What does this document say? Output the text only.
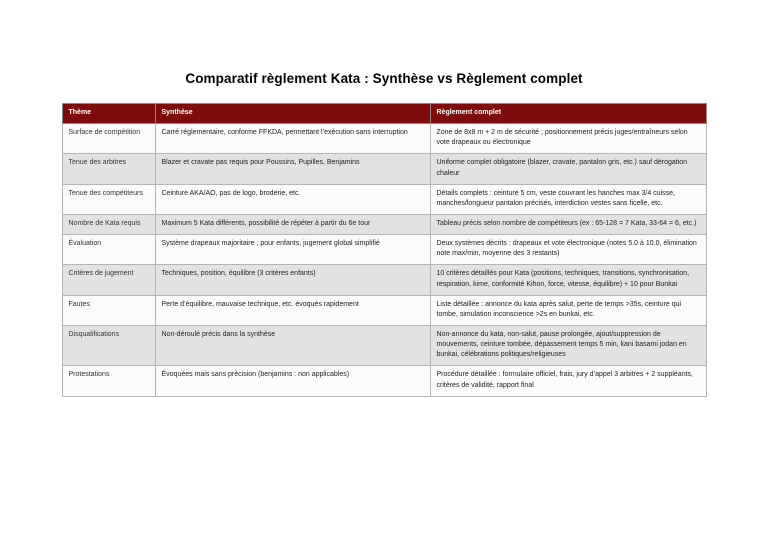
Comparatif règlement Kata : Synthèse vs Règlement complet
Thème	Synthèse	Règlement complet
Surface de compétition	Carré réglementaire, conforme FFKDA, permettant l’exécution sans interruption	Zone de 8x8 m + 2 m de sécurité ; positionnement précis juges/entraîneurs selon vote drapeaux ou électronique
Tenue des arbitres	Blazer et cravate pas requis pour Poussins, Pupilles, Benjamins	Uniforme complet obligatoire (blazer, cravate, pantalon gris, etc.) sauf dérogation chaleur
Tenue des compétiteurs	Ceinture AKA/AO, pas de logo, broderie, etc.	Détails complets : ceinture 5 cm, veste couvrant les hanches max 3/4 cuisse, manches/longueur pantalon précisés, interdiction vestes sans ficelle, etc.
Nombre de Kata requis	Maximum 5 Kata différents, possibilité de répéter à partir du 6e tour	Tableau précis selon nombre de compétiteurs (ex : 65-128 = 7 Kata, 33-64 = 6, etc.)
Évaluation	Système drapeaux majoritaire ; pour enfants, jugement global simplifié	Deux systèmes décrits : drapeaux et vote électronique (notes 5.0 à 10.0, élimination note max/min, moyenne des 3 restants)
Critères de jugement	Techniques, position, équilibre (3 critères enfants)	10 critères détaillés pour Kata (positions, techniques, transitions, synchronisation, respiration, kime, conformité Kihon, force, vitesse, équilibre) + 10 pour Bunkai
Fautes	Perte d’équilibre, mauvaise technique, etc. évoqués rapidement	Liste détaillée : annonce du kata après salut, perte de temps >35s, ceinture qui tombe, simulation inconscience >2s en bunkai, etc.
Disqualifications	Non-déroulé précis dans la synthèse	Non-annonce du kata, non-salut, pause prolongée, ajout/suppression de mouvements, ceinture tombée, dépassement temps 5 min, kani basami jodan en bunkai, célébrations politiques/religieuses
Protestations	Évoquées mais sans précision (benjamins : non applicables)	Procédure détaillée : formulaire officiel, frais, jury d’appel 3 arbitres + 2 suppléants, critères de validité, rapport final
